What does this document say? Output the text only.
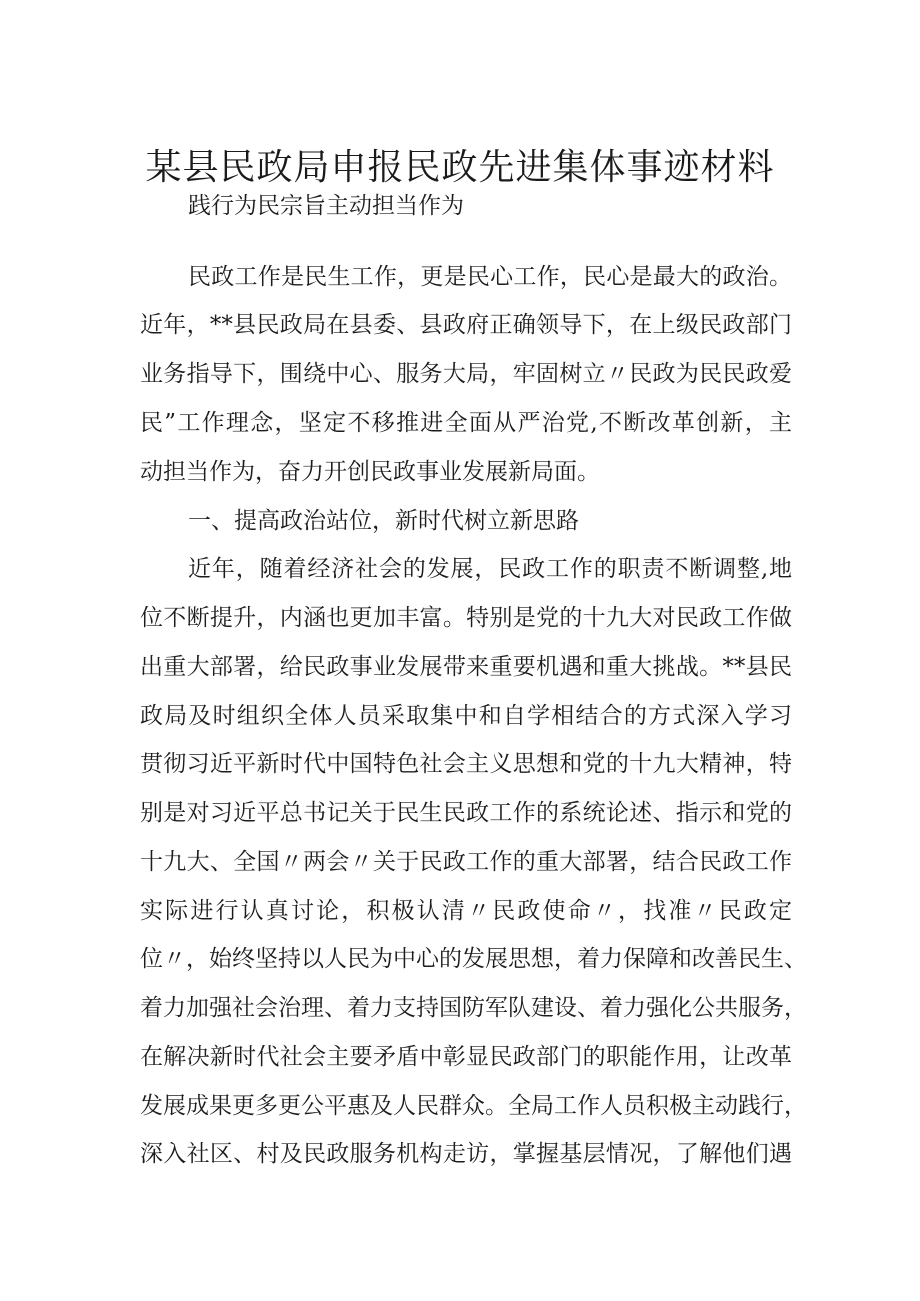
某县民政局申报民政先进集体事迹材料
践行为民宗旨主动担当作为
民政工作是民生工作，更是民心工作，民心是最大的政治。
近年，**县民政局在县委、县政府正确领导下，在上级民政部门
业务指导下，围绕中心、服务大局，牢固树立〃民政为民民政爱
民”工作理念，坚定不移推进全面从严治党,不断改革创新，主
动担当作为，奋力开创民政事业发展新局面。
一、提高政治站位，新时代树立新思路
近年，随着经济社会的发展，民政工作的职责不断调整,地
位不断提升，内涵也更加丰富。特别是党的十九大对民政工作做
出重大部署，给民政事业发展带来重要机遇和重大挑战。**县民
政局及时组织全体人员采取集中和自学相结合的方式深入学习
贯彻习近平新时代中国特色社会主义思想和党的十九大精神，特
别是对习近平总书记关于民生民政工作的系统论述、指示和党的
十九大、全国〃两会〃关于民政工作的重大部署，结合民政工作
实际进行认真讨论，积极认清〃民政使命〃，找准〃民政定
位〃，始终坚持以人民为中心的发展思想，着力保障和改善民生、
着力加强社会治理、着力支持国防军队建设、着力强化公共服务，
在解决新时代社会主要矛盾中彰显民政部门的职能作用，让改革
发展成果更多更公平惠及人民群众。全局工作人员积极主动践行，
深入社区、村及民政服务机构走访，掌握基层情况，了解他们遇
